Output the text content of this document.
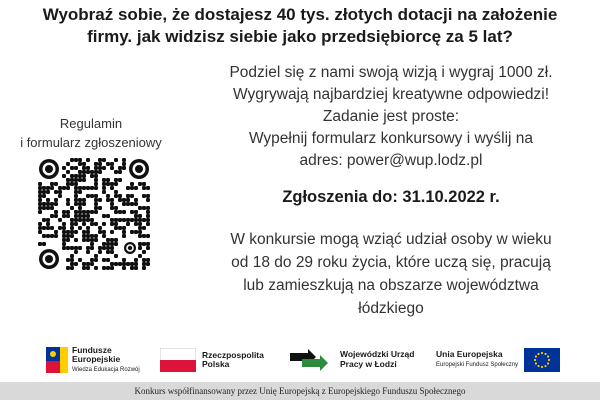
Wyobraź sobie, że dostajesz 40 tys. złotych dotacji na założenie
firmy. jak widzisz siebie jako przedsiębiorcę za 5 lat?
Podziel się z nami swoją wizją i wygraj 1000 zł.
Wygrywają najbardziej kreatywne odpowiedzi!
Zadanie jest proste:
Wypełnij formularz konkursowy i wyślij na
adres: power@wup.lodz.pl
Zgłoszenia do: 31.10.2022 r.
W konkursie mogą wziąć udział osoby w wieku
od 18 do 29 roku życia, które uczą się, pracują
lub zamieszkują na obszarze województwa
łódzkiego
Regulamin
i formularz zgłoszeniowy
Fundusze
Europejskie
Wiedza Edukacja Rozwój
Rzeczpospolita
Polska
Wojewódzki Urząd
Pracy w Łodzi
Unia Europejska
Europejski Fundusz Społeczny
Konkurs współfinansowany przez Unię Europejską z Europejskiego Funduszu Społecznego
